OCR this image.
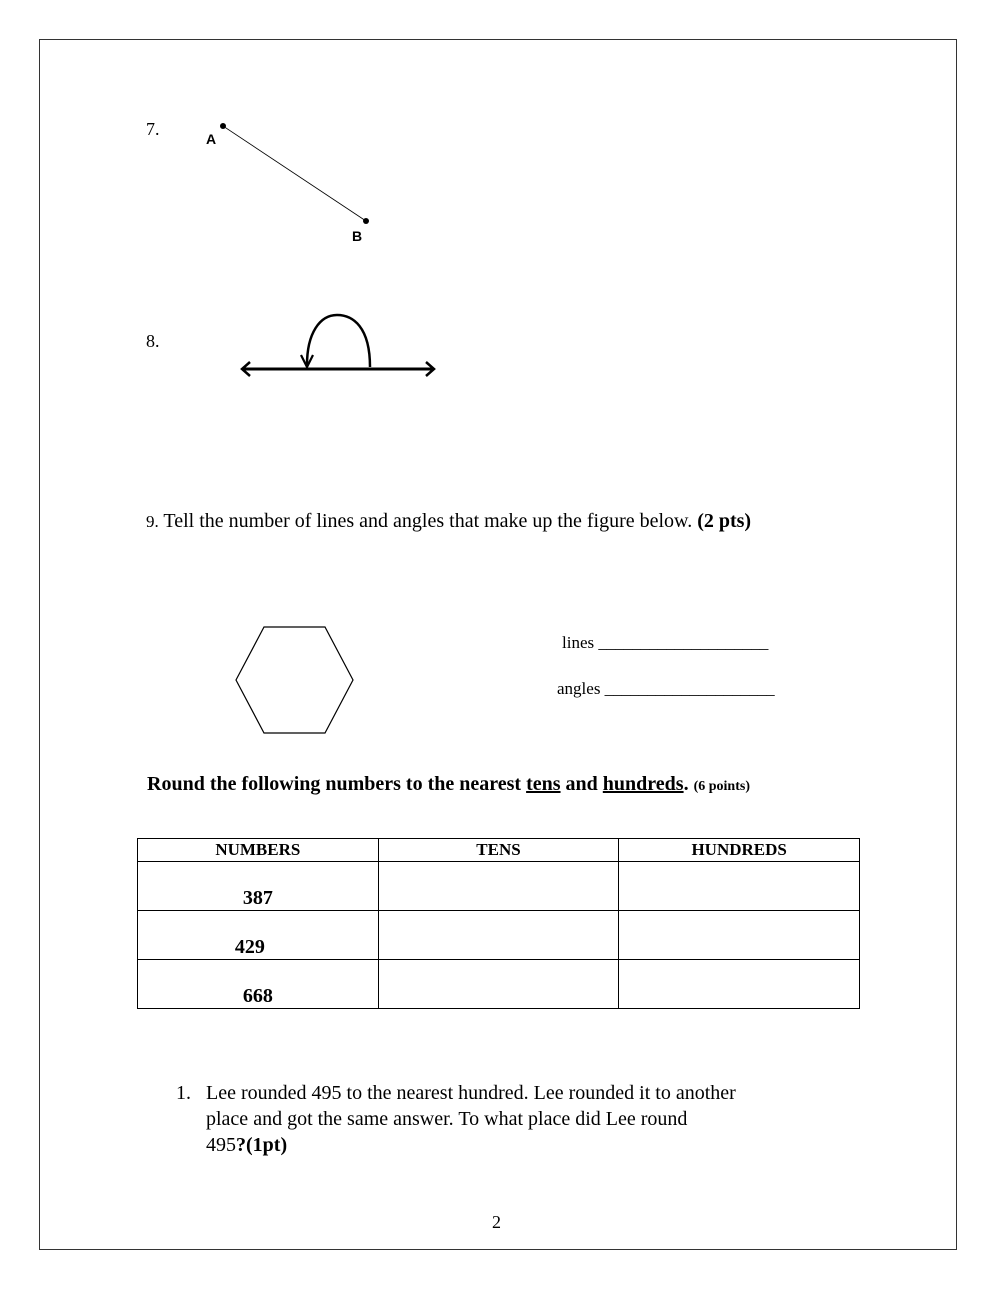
7.	A
B
8.
9. Tell the number of lines and angles that make up the figure below. (2 pts)
lines ____________________
angles ____________________
Round the following numbers to the nearest tens and hundreds. (6 points)
NUMBERS	TENS	HUNDREDS
387		
429		
668		
1. Lee rounded 495 to the nearest hundred. Lee rounded it to another
place and got the same answer. To what place did Lee round
495?(1pt)
2
